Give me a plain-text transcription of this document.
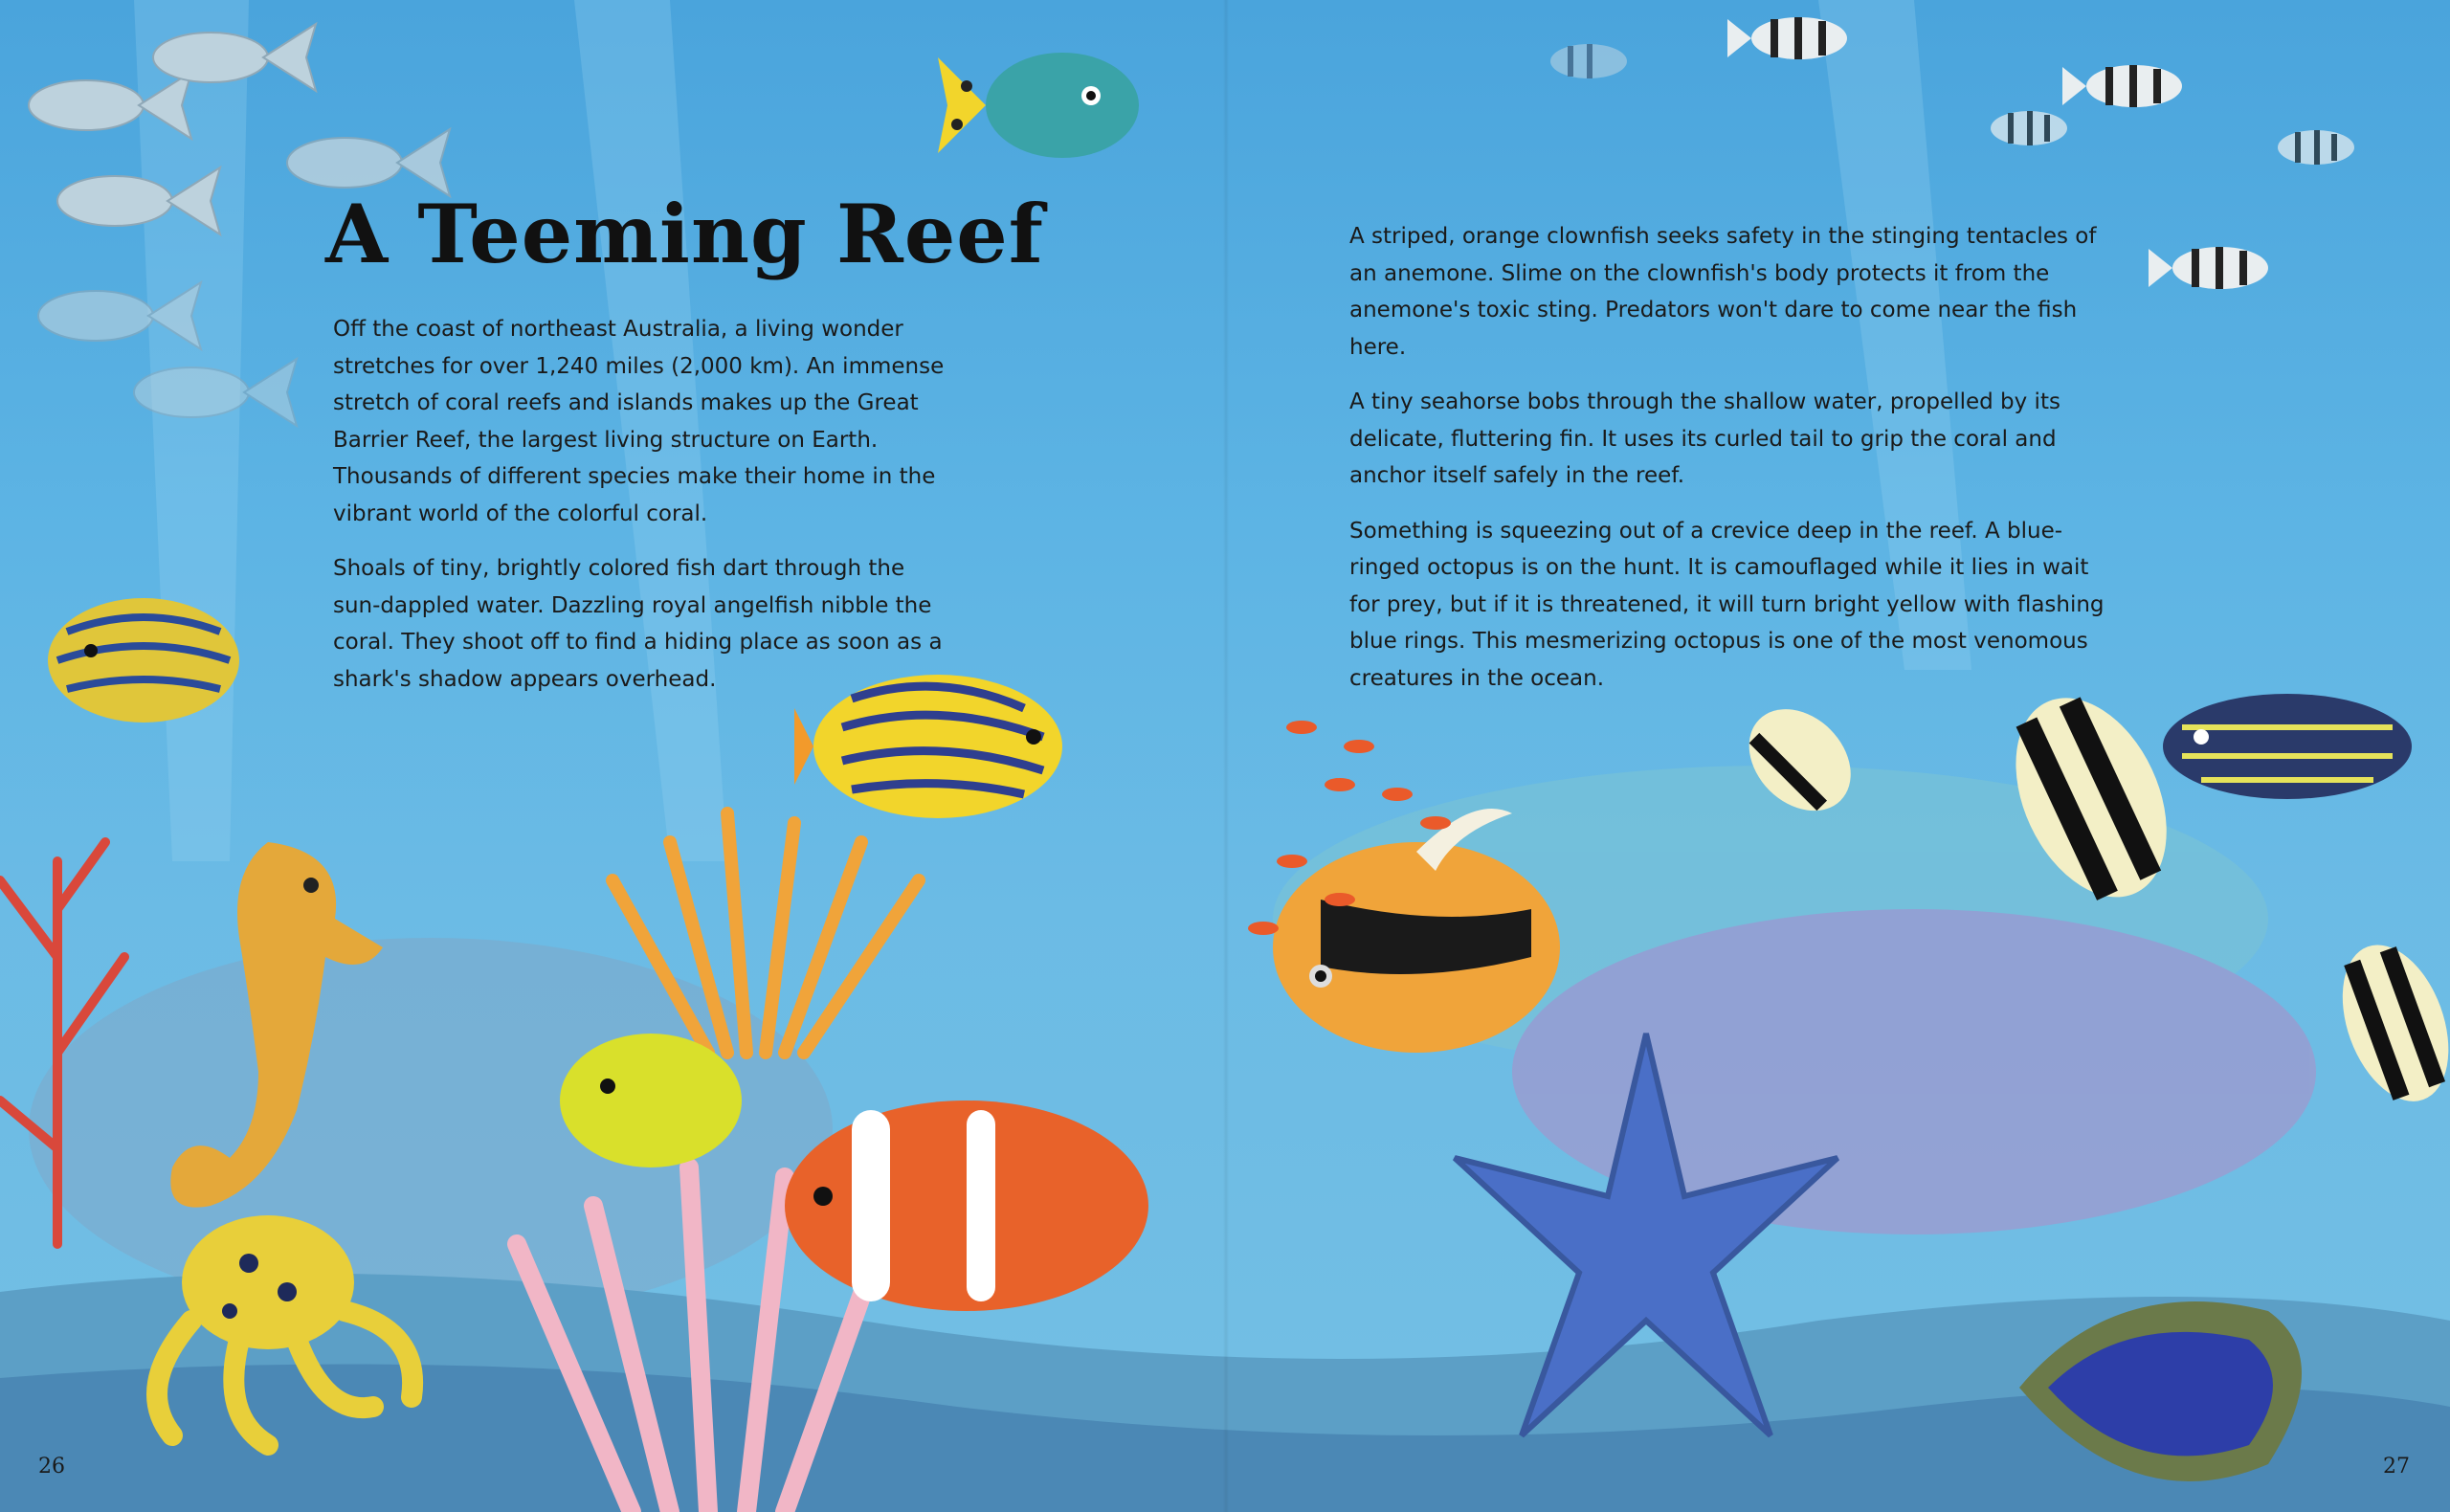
A Teeming Reef

Off the coast of northeast Australia, a living wonder stretches for over 1,240 miles (2,000 km). An immense stretch of coral reefs and islands makes up the Great Barrier Reef, the largest living structure on Earth. Thousands of different species make their home in the vibrant world of the colorful coral.

Shoals of tiny, brightly colored fish dart through the sun-dappled water. Dazzling royal angelfish nibble the coral. They shoot off to find a hiding place as soon as a shark's shadow appears overhead.

A striped, orange clownfish seeks safety in the stinging tentacles of an anemone. Slime on the clownfish's body protects it from the anemone's toxic sting. Predators won't dare to come near the fish here.

A tiny seahorse bobs through the shallow water, propelled by its delicate, fluttering fin. It uses its curled tail to grip the coral and anchor itself safely in the reef.

Something is squeezing out of a crevice deep in the reef. A blue-ringed octopus is on the hunt. It is camouflaged while it lies in wait for prey, but if it is threatened, it will turn bright yellow with flashing blue rings. This mesmerizing octopus is one of the most venomous creatures in the ocean.

26	27
